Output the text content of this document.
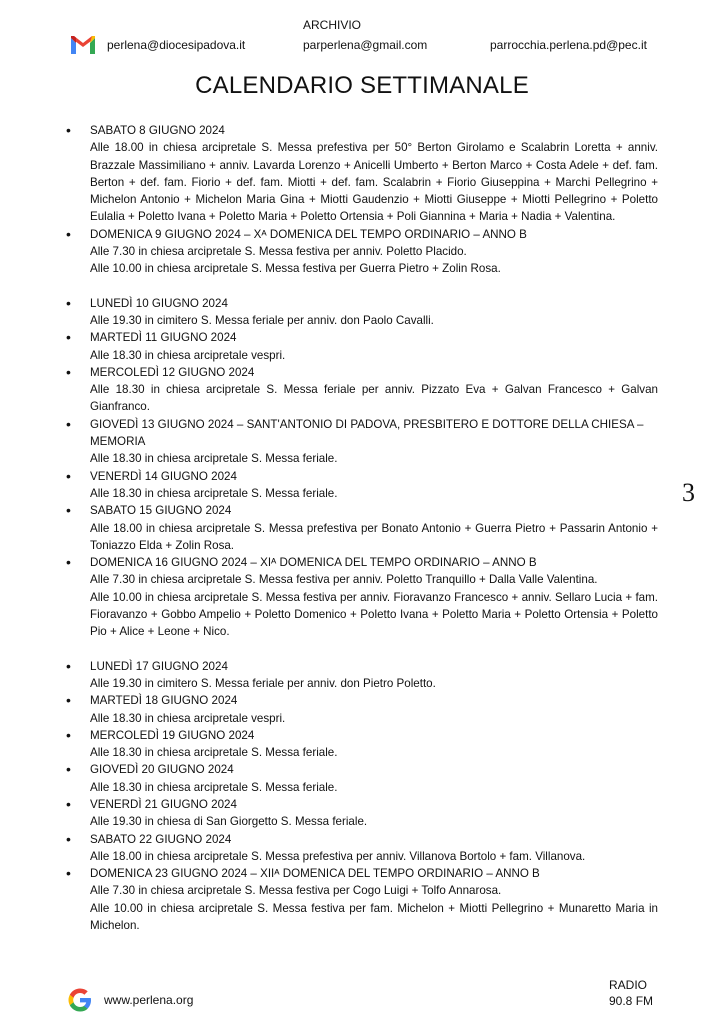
ARCHIVIO
perlena@diocesipadova.it	parperlena@gmail.com	parrocchia.perlena.pd@pec.it
CALENDARIO SETTIMANALE
• SABATO 8 GIUGNO 2024
Alle 18.00 in chiesa arcipretale S. Messa prefestiva per 50° Berton Girolamo e Scalabrin Loretta + anniv. Brazzale Massimiliano + anniv. Lavarda Lorenzo + Anicelli Umberto + Berton Marco + Costa Adele + def. fam. Berton + def. fam. Fiorio + def. fam. Miotti + def. fam. Scalabrin + Fiorio Giuseppina + Marchi Pellegrino + Michelon Antonio + Michelon Maria Gina + Miotti Gaudenzio + Miotti Giuseppe + Miotti Pellegrino + Poletto Eulalia + Poletto Ivana + Poletto Maria + Poletto Ortensia + Poli Giannina + Maria + Nadia + Valentina.
• DOMENICA 9 GIUGNO 2024 – Xᴬ DOMENICA DEL TEMPO ORDINARIO – ANNO B
Alle 7.30 in chiesa arcipretale S. Messa festiva per anniv. Poletto Placido.
Alle 10.00 in chiesa arcipretale S. Messa festiva per Guerra Pietro + Zolin Rosa.
• LUNEDÌ 10 GIUGNO 2024
Alle 19.30 in cimitero S. Messa feriale per anniv. don Paolo Cavalli.
• MARTEDÌ 11 GIUGNO 2024
Alle 18.30 in chiesa arcipretale vespri.
• MERCOLEDÌ 12 GIUGNO 2024
Alle 18.30 in chiesa arcipretale S. Messa feriale per anniv. Pizzato Eva + Galvan Francesco + Galvan Gianfranco.
• GIOVEDÌ 13 GIUGNO 2024 – SANT'ANTONIO DI PADOVA, PRESBITERO E DOTTORE DELLA CHIESA – MEMORIA
Alle 18.30 in chiesa arcipretale S. Messa feriale.
• VENERDÌ 14 GIUGNO 2024
Alle 18.30 in chiesa arcipretale S. Messa feriale.
• SABATO 15 GIUGNO 2024
Alle 18.00 in chiesa arcipretale S. Messa prefestiva per Bonato Antonio + Guerra Pietro + Passarin Antonio + Toniazzo Elda + Zolin Rosa.
• DOMENICA 16 GIUGNO 2024 – XIᴬ DOMENICA DEL TEMPO ORDINARIO – ANNO B
Alle 7.30 in chiesa arcipretale S. Messa festiva per anniv. Poletto Tranquillo + Dalla Valle Valentina.
Alle 10.00 in chiesa arcipretale S. Messa festiva per anniv. Fioravanzo Francesco + anniv. Sellaro Lucia + fam. Fioravanzo + Gobbo Ampelio + Poletto Domenico + Poletto Ivana + Poletto Maria + Poletto Ortensia + Poletto Pio + Alice + Leone + Nico.
• LUNEDÌ 17 GIUGNO 2024
Alle 19.30 in cimitero S. Messa feriale per anniv. don Pietro Poletto.
• MARTEDÌ 18 GIUGNO 2024
Alle 18.30 in chiesa arcipretale vespri.
• MERCOLEDÌ 19 GIUGNO 2024
Alle 18.30 in chiesa arcipretale S. Messa feriale.
• GIOVEDÌ 20 GIUGNO 2024
Alle 18.30 in chiesa arcipretale S. Messa feriale.
• VENERDÌ 21 GIUGNO 2024
Alle 19.30 in chiesa di San Giorgetto S. Messa feriale.
• SABATO 22 GIUGNO 2024
Alle 18.00 in chiesa arcipretale S. Messa prefestiva per anniv. Villanova Bortolo + fam. Villanova.
• DOMENICA 23 GIUGNO 2024 – XIIᴬ DOMENICA DEL TEMPO ORDINARIO – ANNO B
Alle 7.30 in chiesa arcipretale S. Messa festiva per Cogo Luigi + Tolfo Annarosa.
Alle 10.00 in chiesa arcipretale S. Messa festiva per fam. Michelon + Miotti Pellegrino + Munaretto Maria in Michelon.
3
www.perlena.org
RADIO
90.8 FM
